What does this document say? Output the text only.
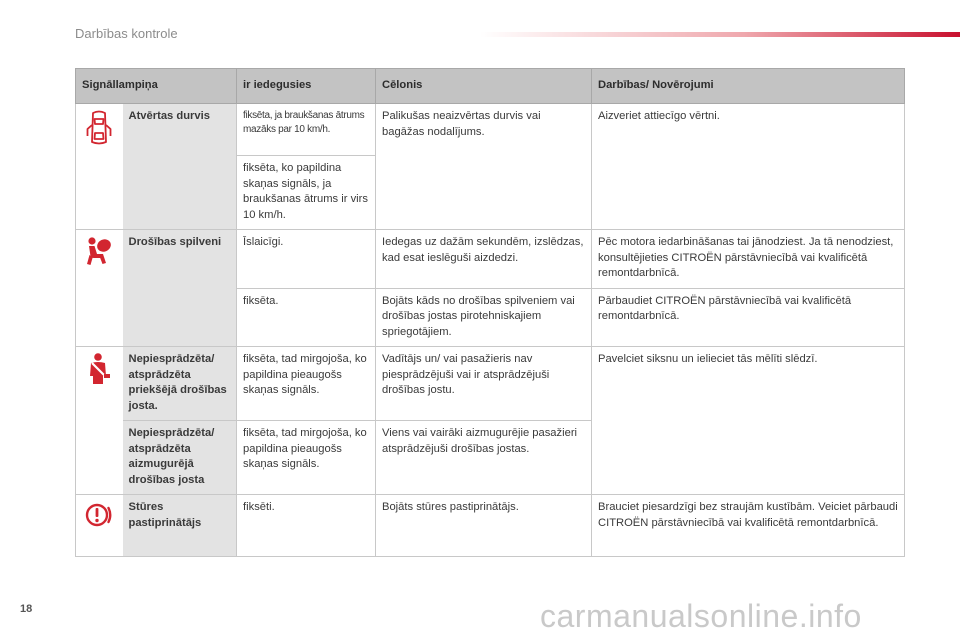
Darbības kontrole
Signāllampiņa		ir iedegusies	Cēlonis	Darbības/ Novērojumi
	Atvērtas durvis	fiksēta, ja braukšanas ātrums mazāks par 10 km/h.	Palikušas neaizvērtas durvis vai bagāžas nodalījums.	Aizveriet attiecīgo vērtni.
		fiksēta, ko papildina skaņas signāls, ja braukšanas ātrums ir virs 10 km/h.		
	Drošības spilveni	Īslaicīgi.	Iedegas uz dažām sekundēm, izslēdzas, kad esat ieslēguši aizdedzi.	Pēc motora iedarbināšanas tai jānodziest. Ja tā nenodziest, konsultējieties CITROËN pārstāvniecībā vai kvalificētā remontdarbnīcā.
		fiksēta.	Bojāts kāds no drošības spilveniem vai drošības jostas pirotehniskajiem spriegotājiem.	Pārbaudiet CITROËN pārstāvniecībā vai kvalificētā remontdarbnīcā.
	Nepiesprādzēta/ atsprādzēta priekšējā drošības josta.	fiksēta, tad mirgojoša, ko papildina pieaugošs skaņas signāls.	Vadītājs un/ vai pasažieris nav piesprādzējuši vai ir atsprādzējuši drošības jostu.	Pavelciet siksnu un ielieciet tās mēlīti slēdzī.
	Nepiesprādzēta/ atsprādzēta aizmugurējā drošības josta	fiksēta, tad mirgojoša, ko papildina pieaugošs skaņas signāls.	Viens vai vairāki aizmugurējie pasažieri atsprādzējuši drošības jostas.	
	Stūres pastiprinātājs	fiksēti.	Bojāts stūres pastiprinātājs.	Brauciet piesardzīgi bez straujām kustībām. Veiciet pārbaudi CITROËN pārstāvniecībā vai kvalificētā remontdarbnīcā.
18	carmanualsonline.info
